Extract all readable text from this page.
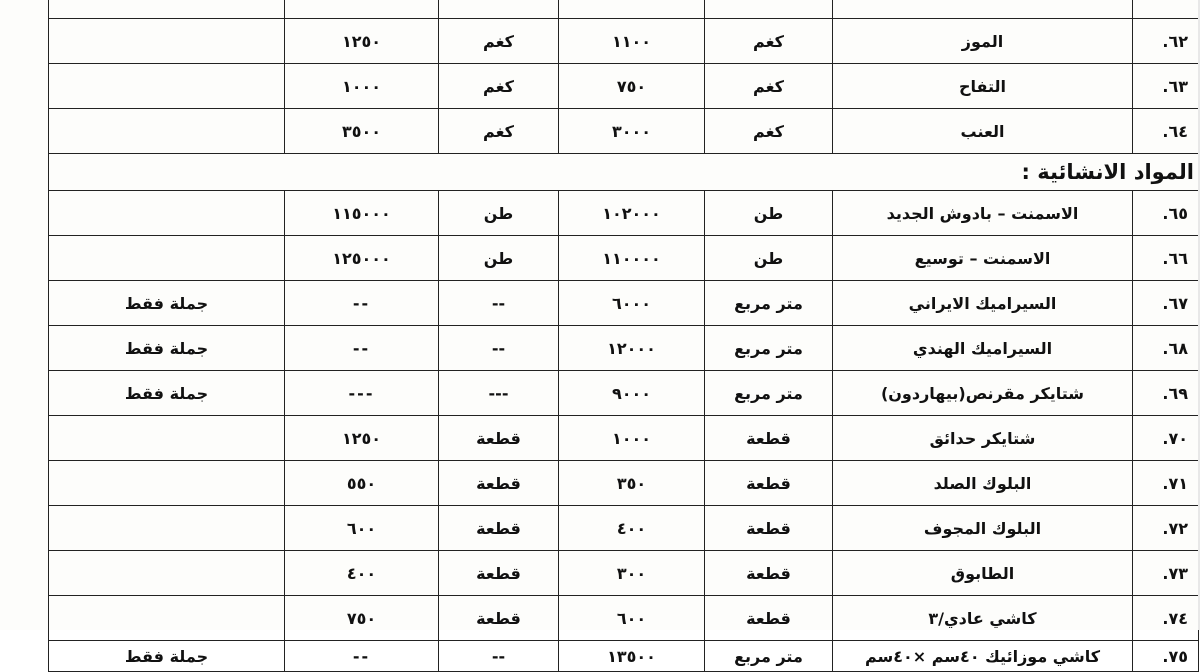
٦٢.	الموز	كغم	١١٠٠	كغم	١٢٥٠	
٦٣.	التفاح	كغم	٧٥٠	كغم	١٠٠٠	
٦٤.	العنب	كغم	٣٠٠٠	كغم	٣٥٠٠	
المواد الانشائية :						
٦٥.	الاسمنت – بادوش الجديد	طن	١٠٢٠٠٠	طن	١١٥٠٠٠	
٦٦.	الاسمنت – توسيع	طن	١١٠٠٠٠	طن	١٢٥٠٠٠	
٦٧.	السيراميك الايراني	متر مربع	٦٠٠٠	--	--	جملة فقط
٦٨.	السيراميك الهندي	متر مربع	١٢٠٠٠	--	--	جملة فقط
٦٩.	شتايكر مقرنص(بيهاردون)	متر مربع	٩٠٠٠	---	---	جملة فقط
٧٠.	شتايكر حدائق	قطعة	١٠٠٠	قطعة	١٢٥٠	
٧١.	البلوك الصلد	قطعة	٣٥٠	قطعة	٥٥٠	
٧٢.	البلوك المجوف	قطعة	٤٠٠	قطعة	٦٠٠	
٧٣.	الطابوق	قطعة	٣٠٠	قطعة	٤٠٠	
٧٤.	كاشي عادي/٣	قطعة	٦٠٠	قطعة	٧٥٠	
٧٥.	كاشي موزائيك ٤٠سم ×٤٠سم	متر مربع	١٣٥٠٠	--	--	جملة فقط
